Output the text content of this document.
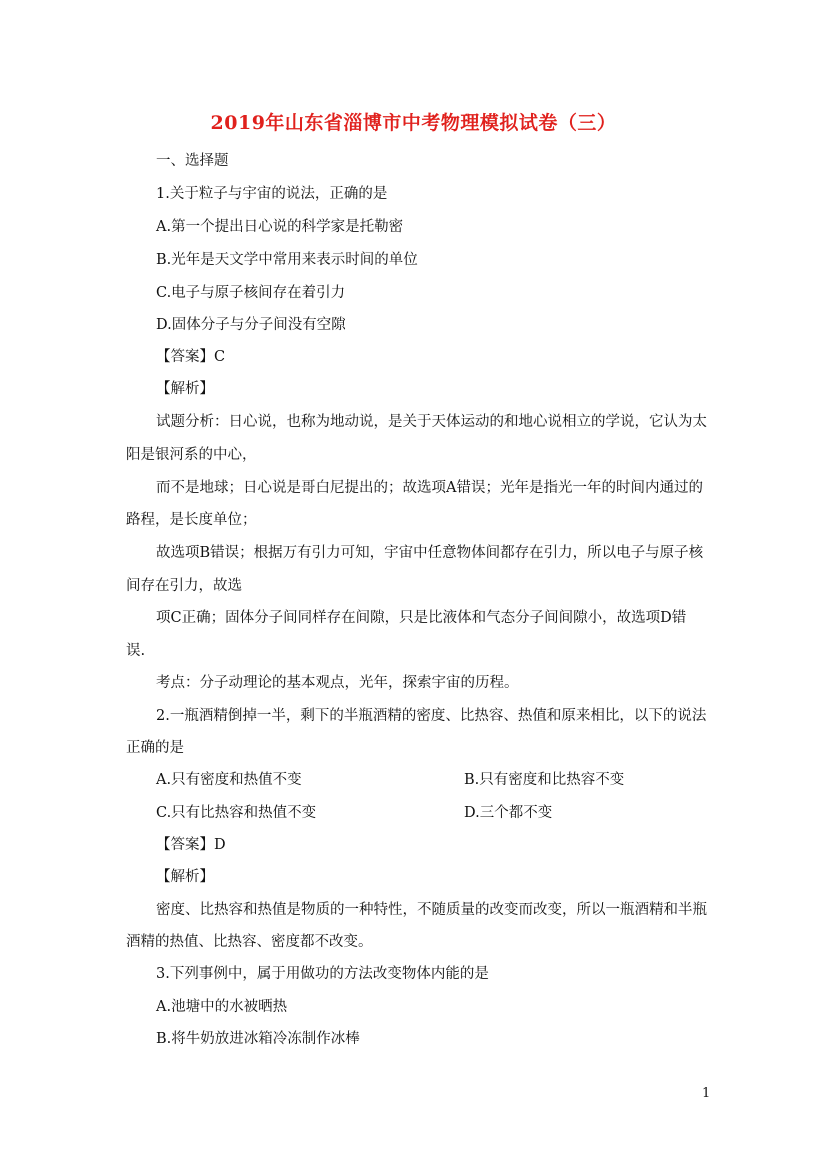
2019年山东省淄博市中考物理模拟试卷（三）
一、选择题
1.关于粒子与宇宙的说法，正确的是
A.第一个提出日心说的科学家是托勒密
B.光年是天文学中常用来表示时间的单位
C.电子与原子核间存在着引力
D.固体分子与分子间没有空隙
【答案】C
【解析】
试题分析：日心说，也称为地动说，是关于天体运动的和地心说相立的学说，它认为太
阳是银河系的中心，
而不是地球；日心说是哥白尼提出的；故选项A错误；光年是指光一年的时间内通过的
路程，是长度单位；
故选项B错误；根据万有引力可知，宇宙中任意物体间都存在引力，所以电子与原子核
间存在引力，故选
项C正确；固体分子间同样存在间隙，只是比液体和气态分子间间隙小，故选项D错
误.
考点：分子动理论的基本观点，光年，探索宇宙的历程。
2.一瓶酒精倒掉一半，剩下的半瓶酒精的密度、比热容、热值和原来相比，以下的说法
正确的是
A.只有密度和热值不变	B.只有密度和比热容不变
C.只有比热容和热值不变	D.三个都不变
【答案】D
【解析】
密度、比热容和热值是物质的一种特性，不随质量的改变而改变，所以一瓶酒精和半瓶
酒精的热值、比热容、密度都不改变。
3.下列事例中，属于用做功的方法改变物体内能的是
A.池塘中的水被晒热
B.将牛奶放进冰箱冷冻制作冰棒
1
